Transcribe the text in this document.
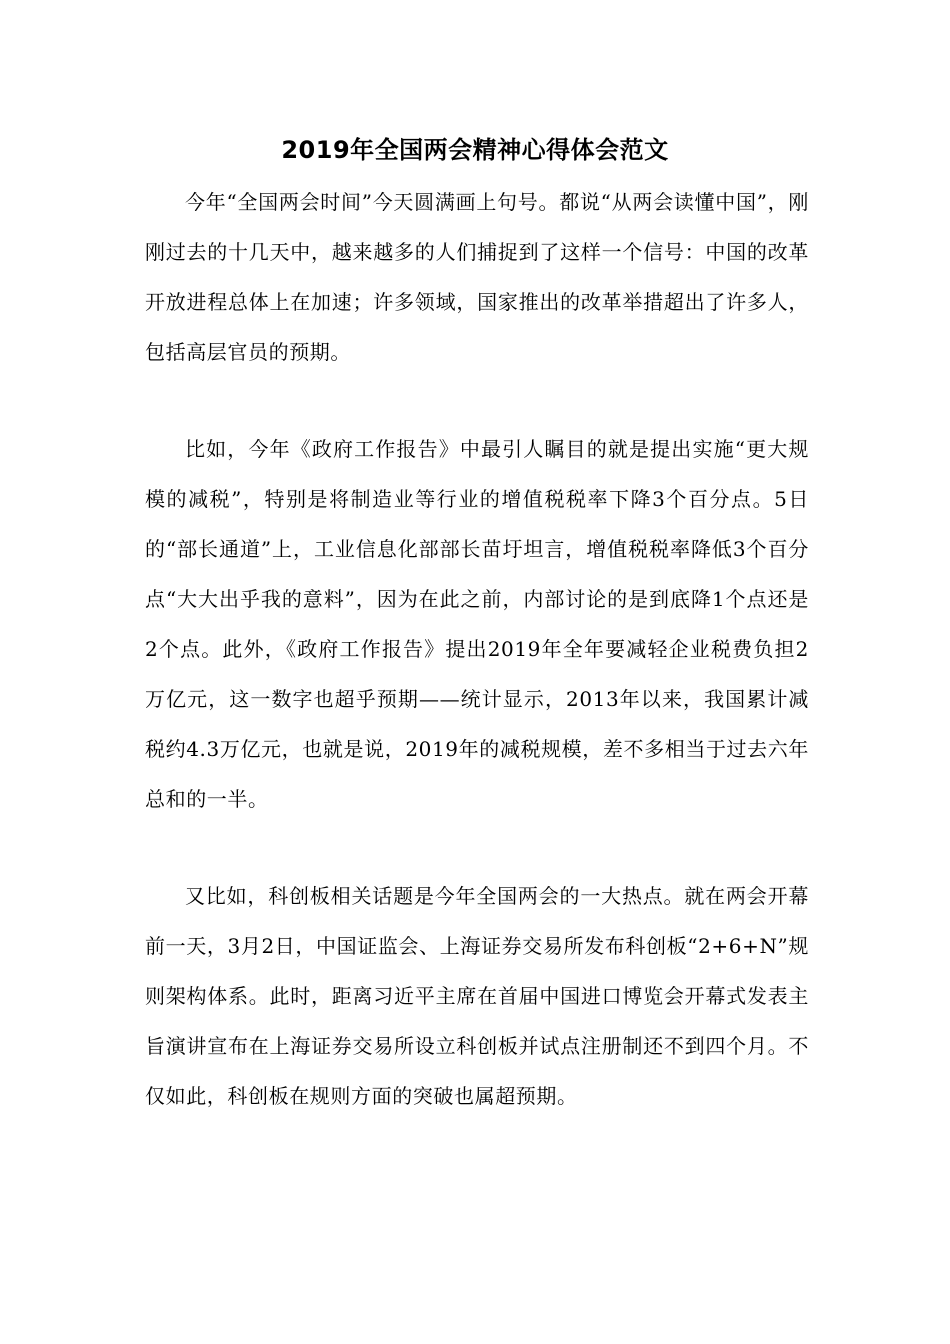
2019年全国两会精神心得体会范文

今年“全国两会时间”今天圆满画上句号。都说“从两会读懂中国”，刚刚过去的十几天中，越来越多的人们捕捉到了这样一个信号：中国的改革开放进程总体上在加速；许多领域，国家推出的改革举措超出了许多人，包括高层官员的预期。

比如，今年《政府工作报告》中最引人瞩目的就是提出实施“更大规模的减税”，特别是将制造业等行业的增值税税率下降3个百分点。5日的“部长通道”上，工业信息化部部长苗圩坦言，增值税税率降低3个百分点“大大出乎我的意料”，因为在此之前，内部讨论的是到底降1个点还是2个点。此外，《政府工作报告》提出2019年全年要减轻企业税费负担2万亿元，这一数字也超乎预期——统计显示，2013年以来，我国累计减税约4.3万亿元，也就是说，2019年的减税规模，差不多相当于过去六年总和的一半。

又比如，科创板相关话题是今年全国两会的一大热点。就在两会开幕前一天，3月2日，中国证监会、上海证券交易所发布科创板“2+6+N”规则架构体系。此时，距离习近平主席在首届中国进口博览会开幕式发表主旨演讲宣布在上海证券交易所设立科创板并试点注册制还不到四个月。不仅如此，科创板在规则方面的突破也属超预期。
